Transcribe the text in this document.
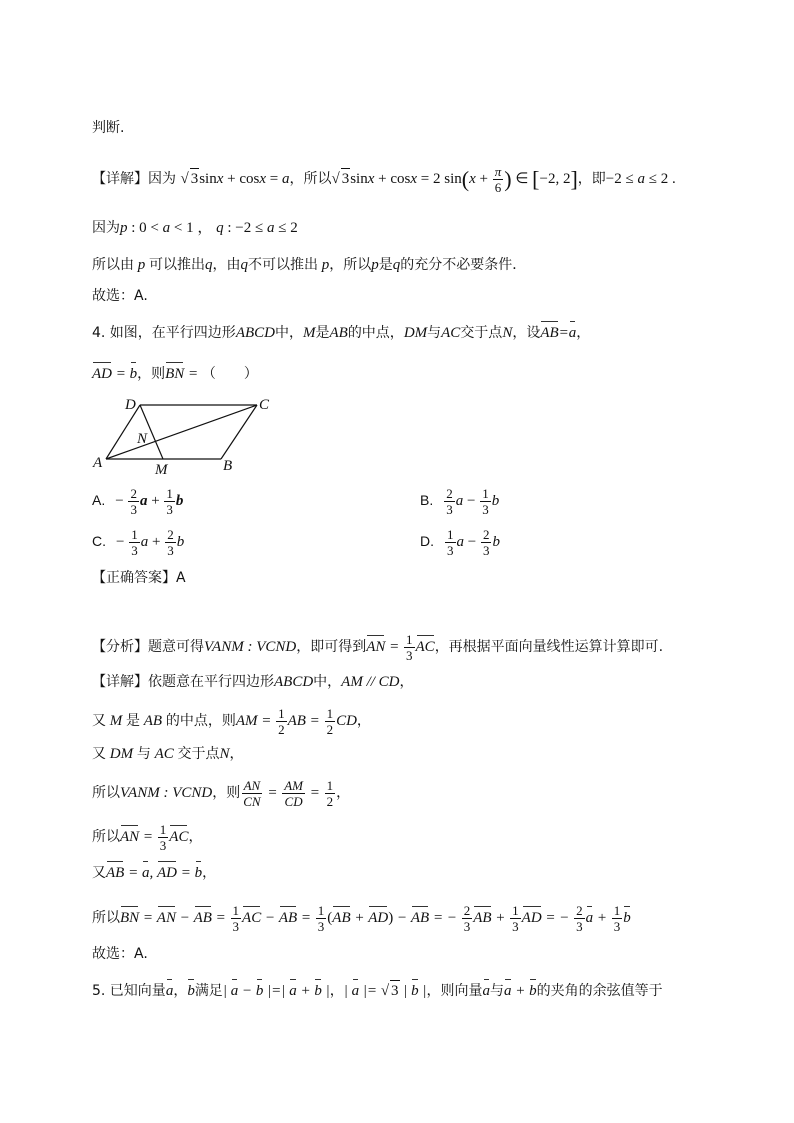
判断.
【详解】因为 √ 3sinx + cosx = a，所以√ 3sinx + cosx = 2 $\sin(x + \frac{\pi}{6}$ ) ∈ [−2, 2]，即−2 ≤ a ≤ 2 .
因为p : 0 < a < 1 ， q : −2 ≤ a ≤ 2
所以由 p 可以推出q，由q不可以推出 p，所以p是q的充分不必要条件．
故选：A.
4. 如图，在平行四边形ABCD中，M是AB的中点，DM与AC交于点N，设AB=a，
AD = b，则BN = （　　）
D	C
N
A	M	B
A. − $\frac{2}{3}$ $a + \frac{1}{3}$ b	B. $\frac{2}{3}$ $a - \frac{1}{3}$ b
C. − $\frac{1}{3}$ $a + \frac{2}{3}$ b	D. $\frac{1}{3}$ $a - \frac{2}{3}$ b
【正确答案】A
【分析】题意可得VANM : VCND，即可得到AN = $\frac{1}{3}$ AC，再根据平面向量线性运算计算即可.
【详解】依题意在平行四边形ABCD中，AM // CD，
又 M 是 AB 的中点，则AM = $\frac{1}{2}$ AB = $\frac{1}{2}$ CD，
又 DM 与 AC 交于点N，
所以VANM : VCND，则 $\frac{AN}{CN} = \frac{AM}{CD} = \frac{1}{2}$ ，
所以AN = $\frac{1}{3}$ AC，
又AB = a, AD = b，
所以BN = AN − AB = $\frac{1}{3}$ AC − AB = $\frac{1}{3} (AB + AD)$ − AB = − $\frac{2}{3}$ AB + $\frac{1}{3}$ AD = − $\frac{2}{3}$ $a + \frac{1}{3}$ b
故选：A.
5. 已知向量a，b满足| a − b |=| a + b |，| a |= √ 3 | b |，则向量a与a + b的夹角的余弦值等于
